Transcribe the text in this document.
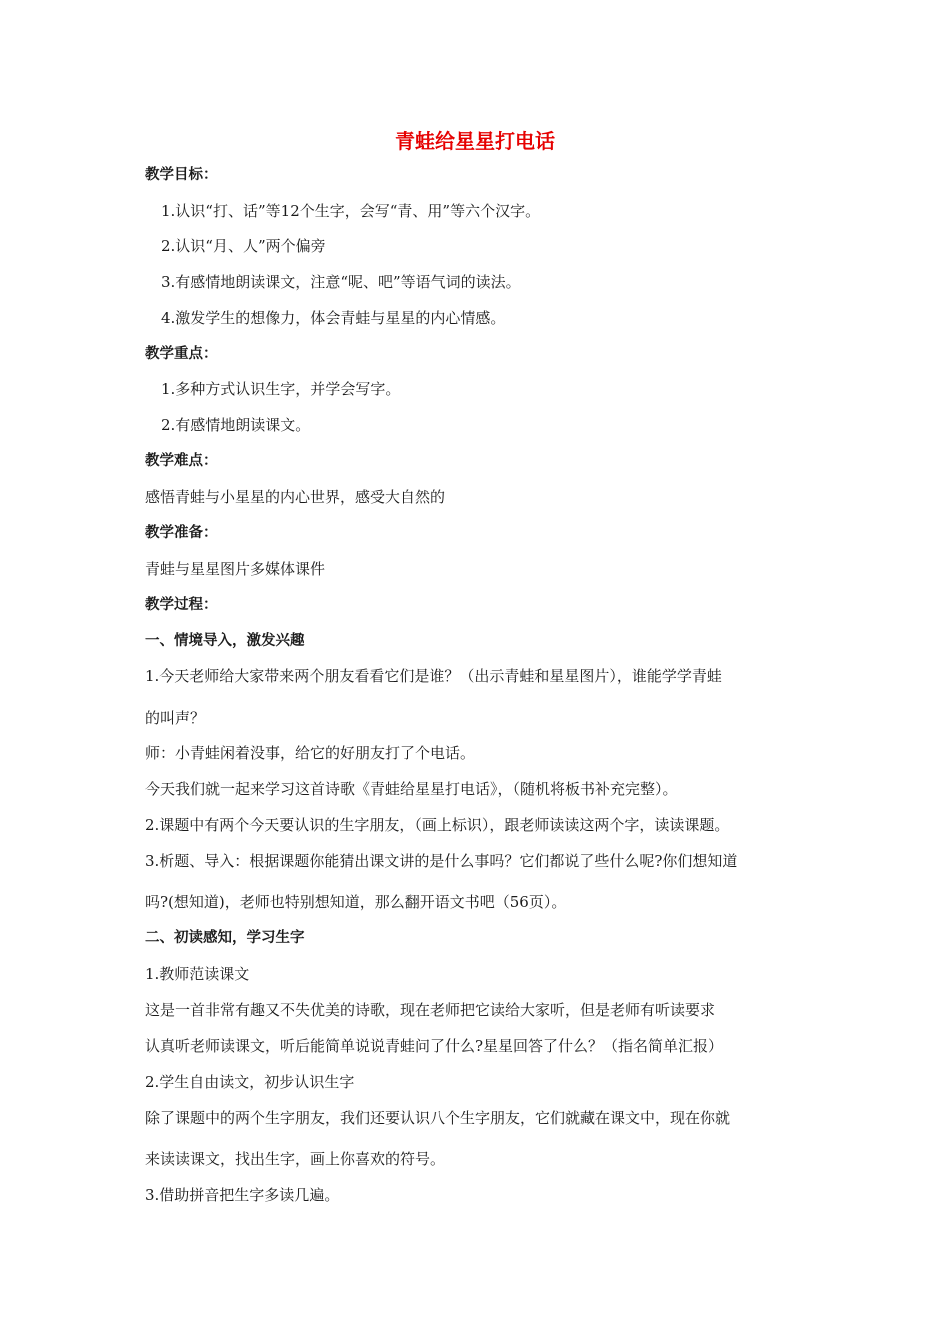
青蛙给星星打电话
教学目标：
1.认识“打、话”等12个生字，会写“青、用”等六个汉字。
2.认识“月、人”两个偏旁
3.有感情地朗读课文，注意“呢、吧”等语气词的读法。
4.激发学生的想像力，体会青蛙与星星的内心情感。
教学重点：
1.多种方式认识生字，并学会写字。
2.有感情地朗读课文。
教学难点：
感悟青蛙与小星星的内心世界，感受大自然的
教学准备：
青蛙与星星图片多媒体课件
教学过程：
一、情境导入，激发兴趣
1.今天老师给大家带来两个朋友看看它们是谁？（出示青蛙和星星图片），谁能学学青蛙
的叫声？
师：小青蛙闲着没事，给它的好朋友打了个电话。
今天我们就一起来学习这首诗歌《青蛙给星星打电话》，（随机将板书补充完整）。
2.课题中有两个今天要认识的生字朋友，（画上标识），跟老师读读这两个字，读读课题。
3.析题、导入：根据课题你能猜出课文讲的是什么事吗？它们都说了些什么呢?你们想知道
吗?(想知道)，老师也特别想知道，那么翻开语文书吧（56页）。
二、初读感知，学习生字
1.教师范读课文
这是一首非常有趣又不失优美的诗歌，现在老师把它读给大家听，但是老师有听读要求
认真听老师读课文，听后能简单说说青蛙问了什么?星星回答了什么？（指名简单汇报）
2.学生自由读文，初步认识生字
除了课题中的两个生字朋友，我们还要认识八个生字朋友，它们就藏在课文中，现在你就
来读读课文，找出生字，画上你喜欢的符号。
3.借助拼音把生字多读几遍。
